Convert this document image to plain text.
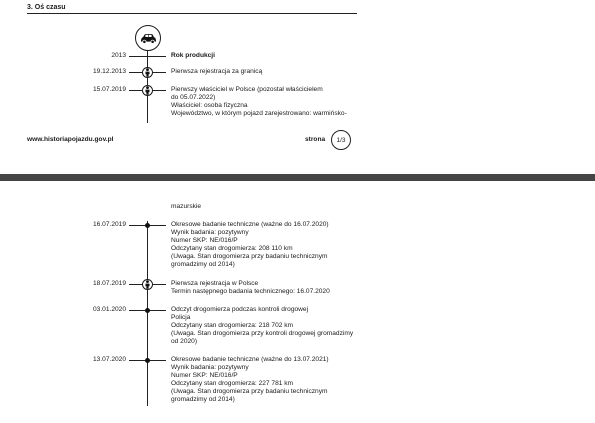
3. Oś czasu
2013	Rok produkcji
19.12.2013	Pierwsza rejestracja za granicą
15.07.2019	Pierwszy właściciel w Polsce (pozostał właścicielem
do 05.07.2022)
Właściciel: osoba fizyczna
Województwo, w którym pojazd zarejestrowano: warmińsko-
www.historiapojazdu.gov.pl	strona	1/3
mazurskie
16.07.2019	Okresowe badanie techniczne (ważne do 16.07.2020)
Wynik badania: pozytywny
Numer SKP: NE/016/P
Odczytany stan drogomierza: 208 110 km
(Uwaga. Stan drogomierza przy badaniu technicznym
gromadzimy od 2014)
18.07.2019	Pierwsza rejestracja w Polsce
Termin następnego badania technicznego: 16.07.2020
03.01.2020	Odczyt drogomierza podczas kontroli drogowej
Policja
Odczytany stan drogomierza: 218 702 km
(Uwaga. Stan drogomierza przy kontroli drogowej gromadzimy
od 2020)
13.07.2020	Okresowe badanie techniczne (ważne do 13.07.2021)
Wynik badania: pozytywny
Numer SKP: NE/016/P
Odczytany stan drogomierza: 227 781 km
(Uwaga. Stan drogomierza przy badaniu technicznym
gromadzimy od 2014)
